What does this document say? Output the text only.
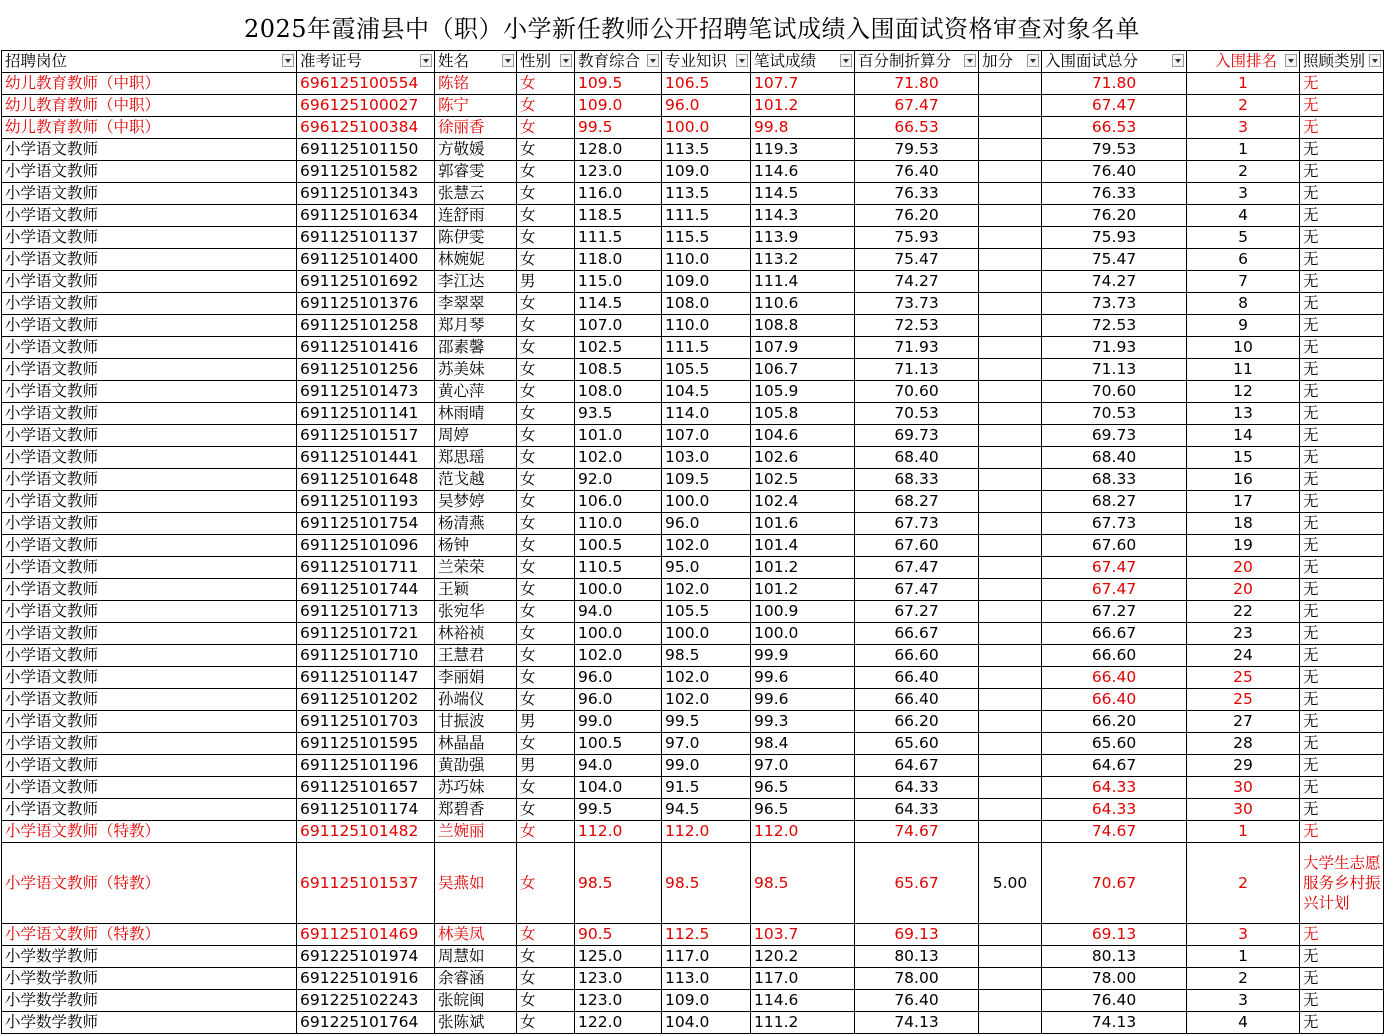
2025年霞浦县中（职）小学新任教师公开招聘笔试成绩入围面试资格审查对象名单
招聘岗位	准考证号	姓名	性别	教育综合	专业知识	笔试成绩	百分制折算分	加分	入围面试总分	入围排名	照顾类别

幼儿教育教师（中职）	696125100554	陈铭	女	109.5	106.5	107.7	71.80		71.80	1	无
幼儿教育教师（中职）	696125100027	陈宁	女	109.0	96.0	101.2	67.47		67.47	2	无
幼儿教育教师（中职）	696125100384	徐丽香	女	99.5	100.0	99.8	66.53		66.53	3	无
小学语文教师	691125101150	方敬媛	女	128.0	113.5	119.3	79.53		79.53	1	无
小学语文教师	691125101582	郭睿雯	女	123.0	109.0	114.6	76.40		76.40	2	无
小学语文教师	691125101343	张慧云	女	116.0	113.5	114.5	76.33		76.33	3	无
小学语文教师	691125101634	连舒雨	女	118.5	111.5	114.3	76.20		76.20	4	无
小学语文教师	691125101137	陈伊雯	女	111.5	115.5	113.9	75.93		75.93	5	无
小学语文教师	691125101400	林婉妮	女	118.0	110.0	113.2	75.47		75.47	6	无
小学语文教师	691125101692	李江达	男	115.0	109.0	111.4	74.27		74.27	7	无
小学语文教师	691125101376	李翠翠	女	114.5	108.0	110.6	73.73		73.73	8	无
小学语文教师	691125101258	郑月琴	女	107.0	110.0	108.8	72.53		72.53	9	无
小学语文教师	691125101416	邵素馨	女	102.5	111.5	107.9	71.93		71.93	10	无
小学语文教师	691125101256	苏美妹	女	108.5	105.5	106.7	71.13		71.13	11	无
小学语文教师	691125101473	黄心萍	女	108.0	104.5	105.9	70.60		70.60	12	无
小学语文教师	691125101141	林雨晴	女	93.5	114.0	105.8	70.53		70.53	13	无
小学语文教师	691125101517	周婷	女	101.0	107.0	104.6	69.73		69.73	14	无
小学语文教师	691125101441	郑思瑶	女	102.0	103.0	102.6	68.40		68.40	15	无
小学语文教师	691125101648	范戈越	女	92.0	109.5	102.5	68.33		68.33	16	无
小学语文教师	691125101193	吴梦婷	女	106.0	100.0	102.4	68.27		68.27	17	无
小学语文教师	691125101754	杨清燕	女	110.0	96.0	101.6	67.73		67.73	18	无
小学语文教师	691125101096	杨钟	女	100.5	102.0	101.4	67.60		67.60	19	无
小学语文教师	691125101711	兰荣荣	女	110.5	95.0	101.2	67.47		67.47	20	无
小学语文教师	691125101744	王颖	女	100.0	102.0	101.2	67.47		67.47	20	无
小学语文教师	691125101713	张宛华	女	94.0	105.5	100.9	67.27		67.27	22	无
小学语文教师	691125101721	林裕祯	女	100.0	100.0	100.0	66.67		66.67	23	无
小学语文教师	691125101710	王慧君	女	102.0	98.5	99.9	66.60		66.60	24	无
小学语文教师	691125101147	李丽娟	女	96.0	102.0	99.6	66.40		66.40	25	无
小学语文教师	691125101202	孙端仪	女	96.0	102.0	99.6	66.40		66.40	25	无
小学语文教师	691125101703	甘振波	男	99.0	99.5	99.3	66.20		66.20	27	无
小学语文教师	691125101595	林晶晶	女	100.5	97.0	98.4	65.60		65.60	28	无
小学语文教师	691125101196	黄劭强	男	94.0	99.0	97.0	64.67		64.67	29	无
小学语文教师	691125101657	苏巧妹	女	104.0	91.5	96.5	64.33		64.33	30	无
小学语文教师	691125101174	郑碧香	女	99.5	94.5	96.5	64.33		64.33	30	无
小学语文教师（特教）	691125101482	兰婉丽	女	112.0	112.0	112.0	74.67		74.67	1	无
小学语文教师（特教）	691125101537	吴燕如	女	98.5	98.5	98.5	65.67	5.00	70.67	2	大学生志愿服务乡村振兴计划
小学语文教师（特教）	691125101469	林美凤	女	90.5	112.5	103.7	69.13		69.13	3	无
小学数学教师	691225101974	周慧如	女	125.0	117.0	120.2	80.13		80.13	1	无
小学数学教师	691225101916	余睿涵	女	123.0	113.0	117.0	78.00		78.00	2	无
小学数学教师	691225102243	张皖闽	女	123.0	109.0	114.6	76.40		76.40	3	无
小学数学教师	691225101764	张陈斌	女	122.0	104.0	111.2	74.13		74.13	4	无
